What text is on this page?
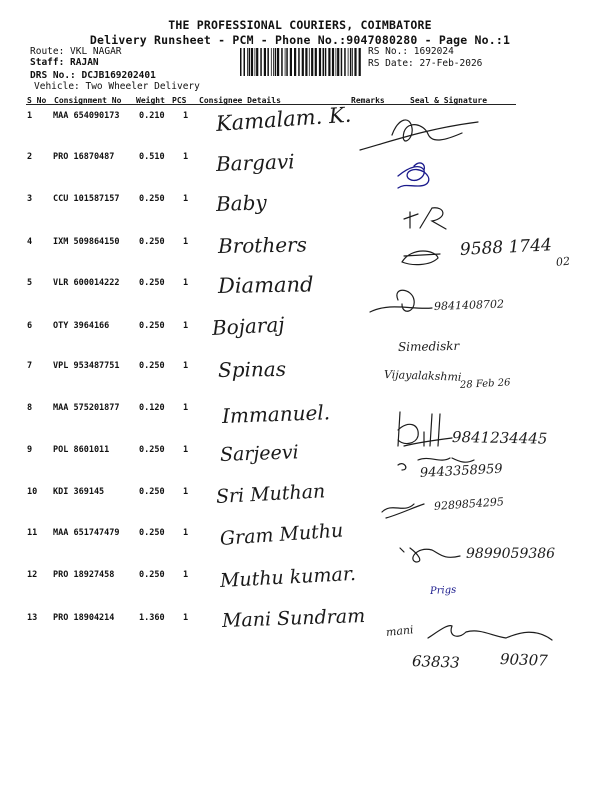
THE PROFESSIONAL COURIERS, COIMBATORE
Delivery Runsheet - PCM - Phone No.:9047080280 - Page No.:1
Route: VKL NAGAR
Staff: RAJAN
DRS No.: DCJB169202401
Vehicle: Two Wheeler Delivery
RS No.: 1692024
RS Date: 27-Feb-2026
S No Consignment No Weight PCS Consignee Details	Remarks	Seal & Signature
1 MAA 654090173 0.210 1 Kamalam. K.
2 PRO 16870487	0.510 1 Bargavi
3 CCU 101587157 0.250 1 Baby
4 IXM 509864150 0.250 1 Brothers
5 VLR 600014222 0.250 1 Diamand
6 OTY 3964166	0.250 1 Bojaraj
7 VPL 953487751 0.250 1 Spinas
8 MAA 575201877 0.120 1 Immanuel.
9 POL 8601011	0.250 1 Sarjeevi
10 KDI 369145	0.250 1 Sri Muthan
11 MAA 651747479 0.250 1 Gram Muthu
12 PRO 18927458	0.250 1 Muthu kumar.
13 PRO 18904214	1.360 1 Mani Sundram
9588 1744
02
9841408702
Simediskr
Vijayalakshmi
28 Feb 26
9841234445
9443358959
9289854295
9899059386
Prigs
mani
63833	90307
